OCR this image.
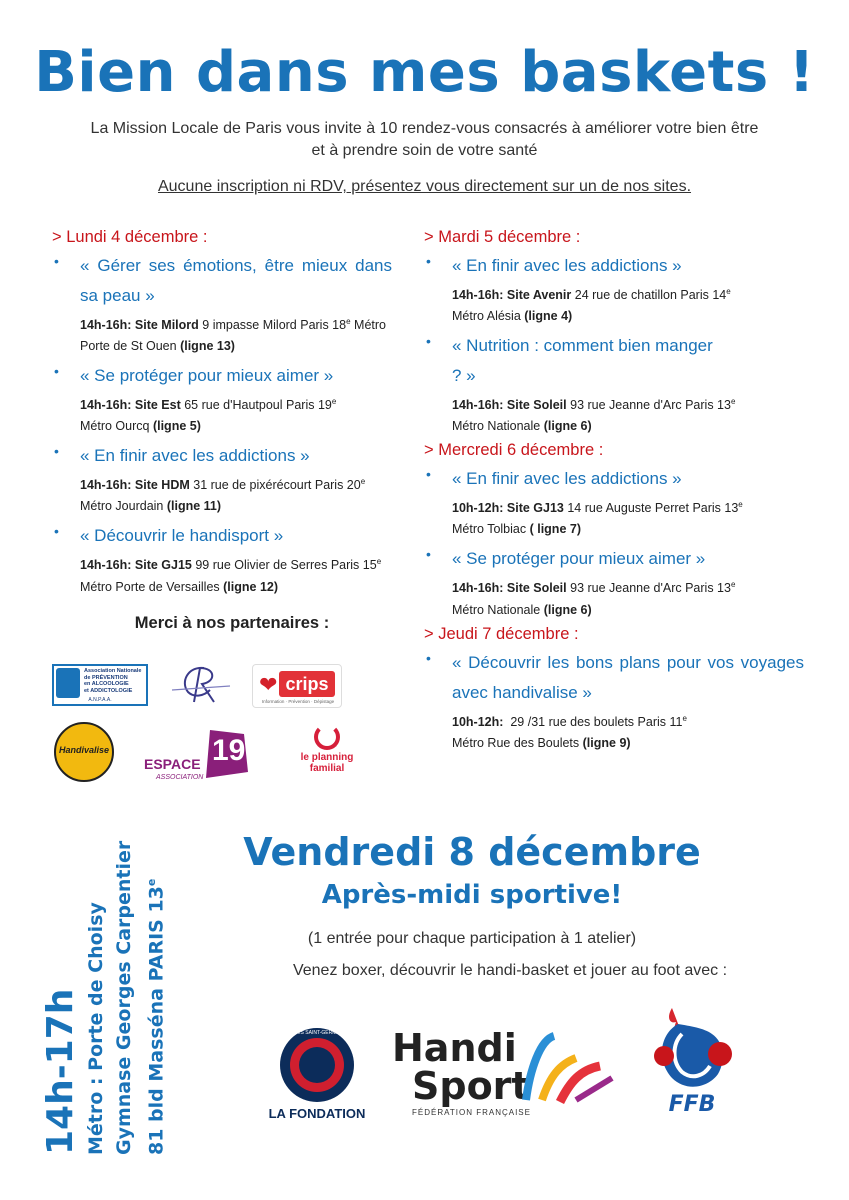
Bien dans mes baskets !
La Mission Locale de Paris vous invite à 10 rendez-vous consacrés à améliorer votre bien être
et à prendre soin de votre santé
Aucune inscription ni RDV, présentez vous directement sur un de nos sites.
> Lundi 4 décembre :
• « Gérer ses émotions, être mieux dans sa peau »
14h-16h: Site Milord 9 impasse Milord Paris 18e Métro Porte de St Ouen (ligne 13)
• « Se protéger pour mieux aimer »
14h-16h: Site Est 65 rue d'Hautpoul Paris 19e
Métro Ourcq (ligne 5)
• « En finir avec les addictions »
14h-16h: Site HDM 31 rue de pixérécourt Paris 20e
Métro Jourdain (ligne 11)
• « Découvrir le handisport »
14h-16h: Site GJ15 99 rue Olivier de Serres Paris 15e
Métro Porte de Versailles (ligne 12)
Merci à nos partenaires :
Association Nationale
de PRÉVENTION
en ALCOOLOGIE
et ADDICTOLOGIE
A.N.P.A.A.
❤ crips
Information · Prévention · Dépistage
Handivalise
ESPACE 19
ASSOCIATION
le planning
familial
> Mardi 5 décembre :
• « En finir avec les addictions »
14h-16h: Site Avenir 24 rue de chatillon Paris 14e
Métro Alésia (ligne 4)
• « Nutrition : comment bien manger ? »
14h-16h: Site Soleil 93 rue Jeanne d'Arc Paris 13e
Métro Nationale (ligne 6)
> Mercredi 6 décembre :
• « En finir avec les addictions »
10h-12h: Site GJ13 14 rue Auguste Perret Paris 13e
Métro Tolbiac ( ligne 7)
• « Se protéger pour mieux aimer »
14h-16h: Site Soleil 93 rue Jeanne d'Arc Paris 13e
Métro Nationale (ligne 6)
> Jeudi 7 décembre :
• « Découvrir les bons plans pour vos voyages avec handivalise »
10h-12h: 29 /31 rue des boulets Paris 11e
Métro Rue des Boulets (ligne 9)
Vendredi 8 décembre
Après-midi sportive!
(1 entrée pour chaque participation à 1 atelier)
Venez boxer, découvrir le handi-basket et jouer au foot avec :
14h-17h Métro : Porte de Choisy Gymnase Georges Carpentier 81 bld Masséna PARIS 13e
PARIS SAINT-GERMAIN
LA FONDATION
Handi
Sport
FÉDÉRATION FRANÇAISE	FFB
